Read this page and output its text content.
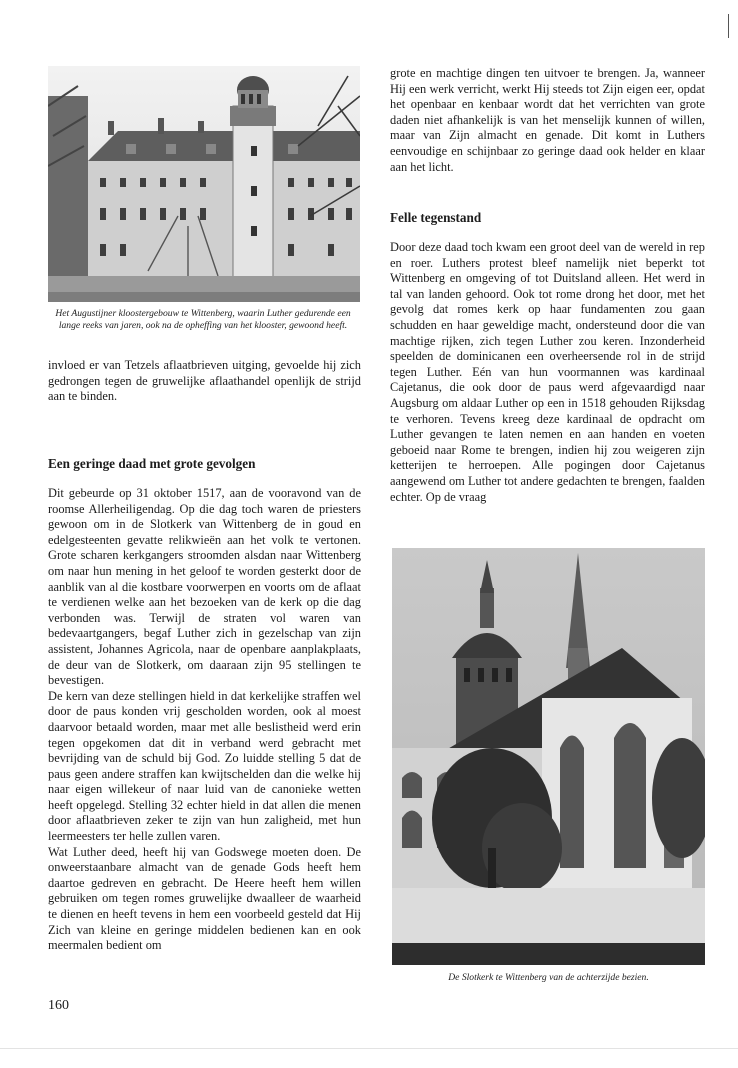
Het Augustijner kloostergebouw te Wittenberg, waarin Luther gedurende een lange reeks van jaren, ook na de opheffing van het klooster, gewoond heeft.

invloed er van Tetzels aflaatbrieven uitging, gevoelde hij zich gedrongen tegen de gruwelijke aflaathandel openlijk de strijd aan te binden.

Een geringe daad met grote gevolgen

Dit gebeurde op 31 oktober 1517, aan de vooravond van de roomse Allerheiligendag. Op die dag toch waren de priesters gewoon om in de Slotkerk van Wittenberg de in goud en edelgesteenten gevatte relikwieën aan het volk te vertonen. Grote scharen kerkgangers stroomden alsdan naar Wittenberg om naar hun mening in het geloof te worden gesterkt door de aanblik van al die kostbare voorwerpen en voorts om de aflaat te verdienen welke aan het bezoeken van de kerk op die dag verbonden was. Terwijl de straten vol waren van bedevaartgangers, begaf Luther zich in gezelschap van zijn assistent, Johannes Agricola, naar de openbare aanplakplaats, de deur van de Slotkerk, om daaraan zijn 95 stellingen te bevestigen.

De kern van deze stellingen hield in dat kerkelijke straffen wel door de paus konden vrij gescholden worden, ook al moest daarvoor betaald worden, maar met alle beslistheid werd erin tegen opgekomen dat dit in verband werd gebracht met bevrijding van de schuld bij God. Zo luidde stelling 5 dat de paus geen andere straffen kan kwijtschelden dan die welke hij naar eigen willekeur of naar luid van de canonieke wetten heeft opgelegd. Stelling 32 echter hield in dat allen die menen door aflaatbrieven zeker te zijn van hun zaligheid, met hun leermeesters ter helle zullen varen.

Wat Luther deed, heeft hij van Godswege moeten doen. De onweerstaanbare almacht van de genade Gods heeft hem daartoe gedreven en gebracht. De Heere heeft hem willen gebruiken om tegen romes gruwelijke dwaalleer de waarheid te dienen en heeft tevens in hem een voorbeeld gesteld dat Hij Zich van kleine en geringe middelen bedienen kan en ook meermalen bedient om

160

grote en machtige dingen ten uitvoer te brengen. Ja, wanneer Hij een werk verricht, werkt Hij steeds tot Zijn eigen eer, opdat het openbaar en kenbaar wordt dat het verrichten van grote daden niet afhankelijk is van het menselijk kunnen of willen, maar van Zijn almacht en genade. Dit komt in Luthers eenvoudige en schijnbaar zo geringe daad ook helder en klaar aan het licht.

Felle tegenstand

Door deze daad toch kwam een groot deel van de wereld in rep en roer. Luthers protest bleef namelijk niet beperkt tot Wittenberg en omgeving of tot Duitsland alleen. Het werd in tal van landen gehoord. Ook tot rome drong het door, met het gevolg dat romes kerk op haar fundamenten zou gaan schudden en haar geweldige macht, ondersteund door die van machtige rijken, zich tegen Luther zou keren. Inzonderheid speelden de dominicanen een overheersende rol in de strijd tegen Luther. Eén van hun voormannen was kardinaal Cajetanus, die ook door de paus werd afgevaardigd naar Augsburg om aldaar Luther op een in 1518 gehouden Rijksdag te verhoren. Tevens kreeg deze kardinaal de opdracht om Luther gevangen te laten nemen en aan handen en voeten geboeid naar Rome te brengen, indien hij zou weigeren zijn ketterijen te herroepen. Alle pogingen door Cajetanus aangewend om Luther tot andere gedachten te brengen, faalden echter. Op de vraag

De Slotkerk te Wittenberg van de achterzijde bezien.
